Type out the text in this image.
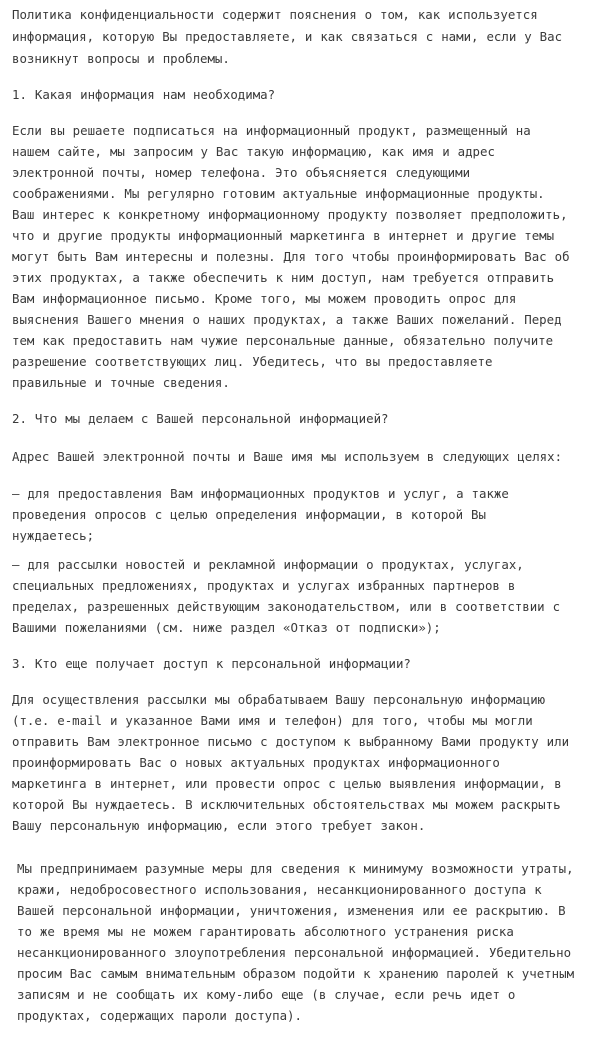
Политика конфиденциальности содержит пояснения о том, как используется
информация, которую Вы предоставляете, и как связаться с нами, если у Вас
возникнут вопросы и проблемы.
1. Какая информация нам необходима?
Если вы решаете подписаться на информационный продукт, размещенный на
нашем сайте, мы запросим у Вас такую информацию, как имя и адрес
электронной почты, номер телефона. Это объясняется следующими
соображениями. Мы регулярно готовим актуальные информационные продукты.
Ваш интерес к конкретному информационному продукту позволяет предположить,
что и другие продукты информационный маркетинга в интернет и другие темы
могут быть Вам интересны и полезны. Для того чтобы проинформировать Вас об
этих продуктах, а также обеспечить к ним доступ, нам требуется отправить
Вам информационное письмо. Кроме того, мы можем проводить опрос для
выяснения Вашего мнения о наших продуктах, а также Ваших пожеланий. Перед
тем как предоставить нам чужие персональные данные, обязательно получите
разрешение соответствующих лиц. Убедитесь, что вы предоставляете
правильные и точные сведения.
2. Что мы делаем с Вашей персональной информацией?
Адрес Вашей электронной почты и Ваше имя мы используем в следующих целях:
— для предоставления Вам информационных продуктов и услуг, а также
проведения опросов с целью определения информации, в которой Вы
нуждаетесь;
— для рассылки новостей и рекламной информации о продуктах, услугах,
специальных предложениях, продуктах и услугах избранных партнеров в
пределах, разрешенных действующим законодательством, или в соответствии с
Вашими пожеланиями (см. ниже раздел «Отказ от подписки»);
3. Кто еще получает доступ к персональной информации?
Для осуществления рассылки мы обрабатываем Вашу персональную информацию
(т.е. e-mail и указанное Вами имя и телефон) для того, чтобы мы могли
отправить Вам электронное письмо с доступом к выбранному Вами продукту или
проинформировать Вас о новых актуальных продуктах информационного
маркетинга в интернет, или провести опрос с целью выявления информации, в
которой Вы нуждаетесь. В исключительных обстоятельствах мы можем раскрыть
Вашу персональную информацию, если этого требует закон.
Мы предпринимаем разумные меры для сведения к минимуму возможности утраты,
кражи, недобросовестного использования, несанкционированного доступа к
Вашей персональной информации, уничтожения, изменения или ее раскрытию. В
то же время мы не можем гарантировать абсолютного устранения риска
несанкционированного злоупотребления персональной информацией. Убедительно
просим Вас самым внимательным образом подойти к хранению паролей к учетным
записям и не сообщать их кому-либо еще (в случае, если речь идет о
продуктах, содержащих пароли доступа).
